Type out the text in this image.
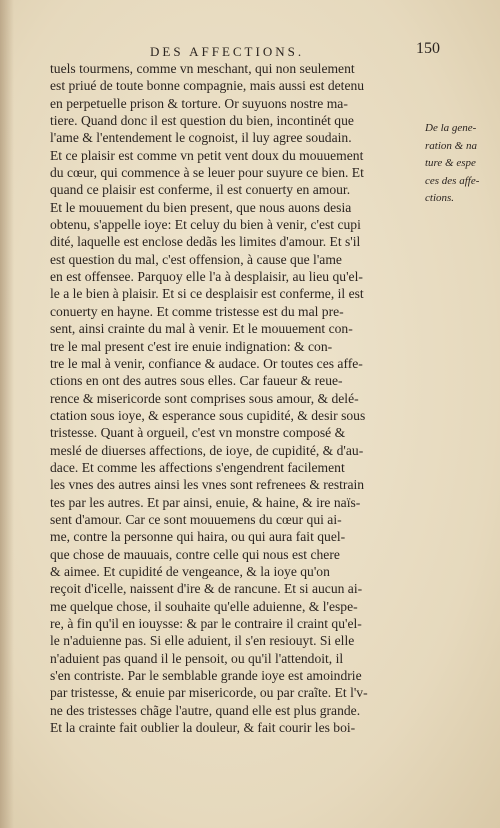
DES AFFECTIONS.	150
tuels tourmens, comme vn meschant, qui non seulement
est priué de toute bonne compagnie, mais aussi est detenu
en perpetuelle prison & torture. Or suyuons nostre ma-
tiere. Quand donc il est question du bien, incontinét que
l'ame & l'entendement le cognoist, il luy agree soudain.
Et ce plaisir est comme vn petit vent doux du mouuement
du cœur, qui commence à se leuer pour suyure ce bien. Et
quand ce plaisir est conferme, il est conuerty en amour.
Et le mouuement du bien present, que nous auons desia
obtenu, s'appelle ioye: Et celuy du bien à venir, c'est cupi
dité, laquelle est enclose dedãs les limites d'amour. Et s'il
est question du mal, c'est offension, à cause que l'ame
en est offensee. Parquoy elle l'a à desplaisir, au lieu qu'el-
le a le bien à plaisir. Et si ce desplaisir est conferme, il est
conuerty en hayne. Et comme tristesse est du mal pre-
sent, ainsi crainte du mal à venir. Et le mouuement con-
tre le mal present c'est ire enuie indignation: & con-
tre le mal à venir, confiance & audace. Or toutes ces affe-
ctions en ont des autres sous elles. Car faueur & reue-
rence & misericorde sont comprises sous amour, & delé-
ctation sous ioye, & esperance sous cupidité, & desir sous
tristesse. Quant à orgueil, c'est vn monstre composé &
meslé de diuerses affections, de ioye, de cupidité, & d'au-
dace. Et comme les affections s'engendrent facilement
les vnes des autres ainsi les vnes sont refrenees & restrain
tes par les autres. Et par ainsi, enuie, & haine, & ire naïs-
sent d'amour. Car ce sont mouuemens du cœur qui ai-
me, contre la personne qui haira, ou qui aura fait quel-
que chose de mauuais, contre celle qui nous est chere
& aimee. Et cupidité de vengeance, & la ioye qu'on
reçoit d'icelle, naissent d'ire & de rancune. Et si aucun ai-
me quelque chose, il souhaite qu'elle aduienne, & l'espe-
re, à fin qu'il en iouysse: & par le contraire il craint qu'el-
le n'aduienne pas. Si elle aduient, il s'en resiouyt. Si elle
n'aduient pas quand il le pensoit, ou qu'il l'attendoit, il
s'en contriste. Par le semblable grande ioye est amoindrie
par tristesse, & enuie par misericorde, ou par craĩte. Et l'v-
ne des tristesses chãge l'autre, quand elle est plus grande.
Et la crainte fait oublier la douleur, & fait courir les boi-
De la gene-
ration & na
ture & espe
ces des affe-
ctions.
